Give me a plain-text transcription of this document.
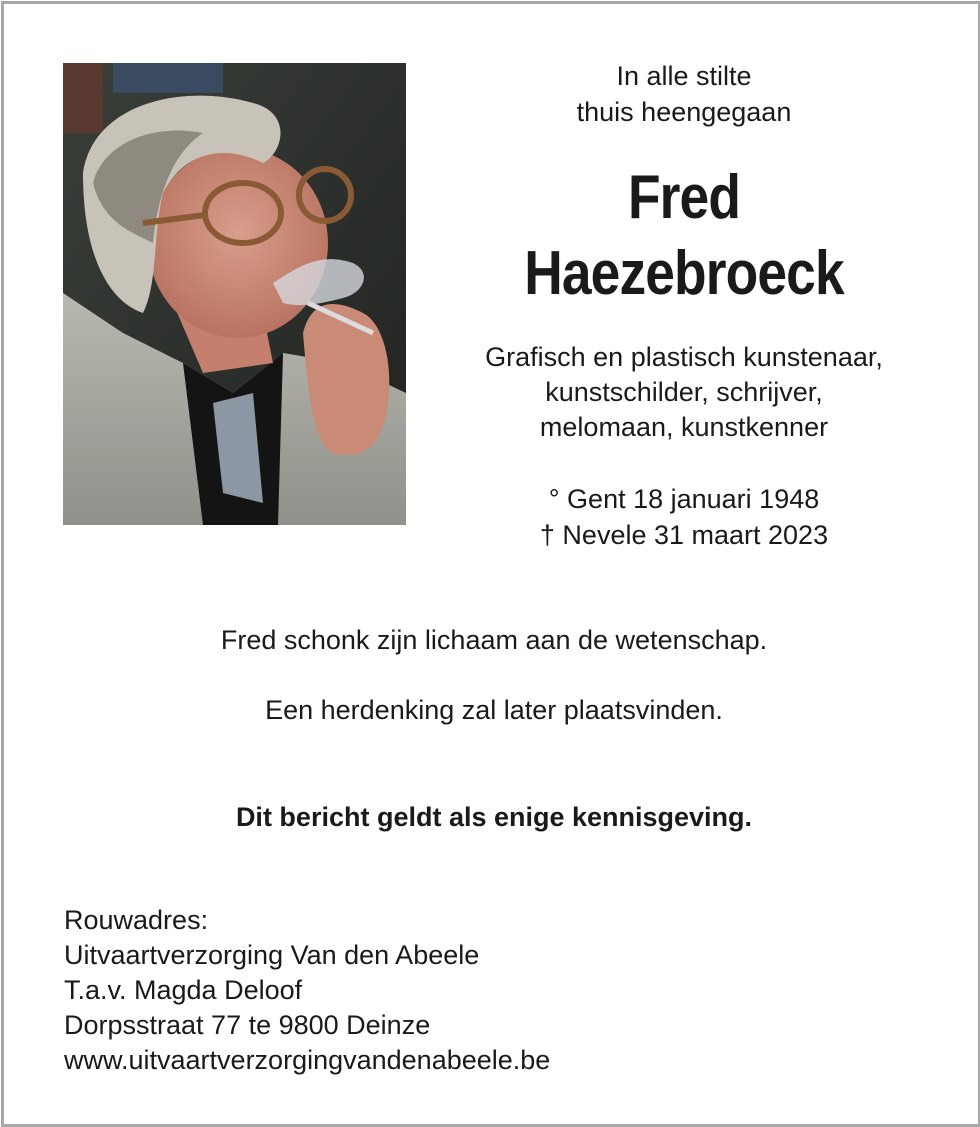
In alle stilte
thuis heengegaan
Fred
Haezebroeck
Grafisch en plastisch kunstenaar,
kunstschilder, schrijver,
melomaan, kunstkenner
° Gent 18 januari 1948
† Nevele 31 maart 2023
Fred schonk zijn lichaam aan de wetenschap.
Een herdenking zal later plaatsvinden.
Dit bericht geldt als enige kennisgeving.
Rouwadres:
Uitvaartverzorging Van den Abeele
T.a.v. Magda Deloof
Dorpsstraat 77 te 9800 Deinze
www.uitvaartverzorgingvandenabeele.be
